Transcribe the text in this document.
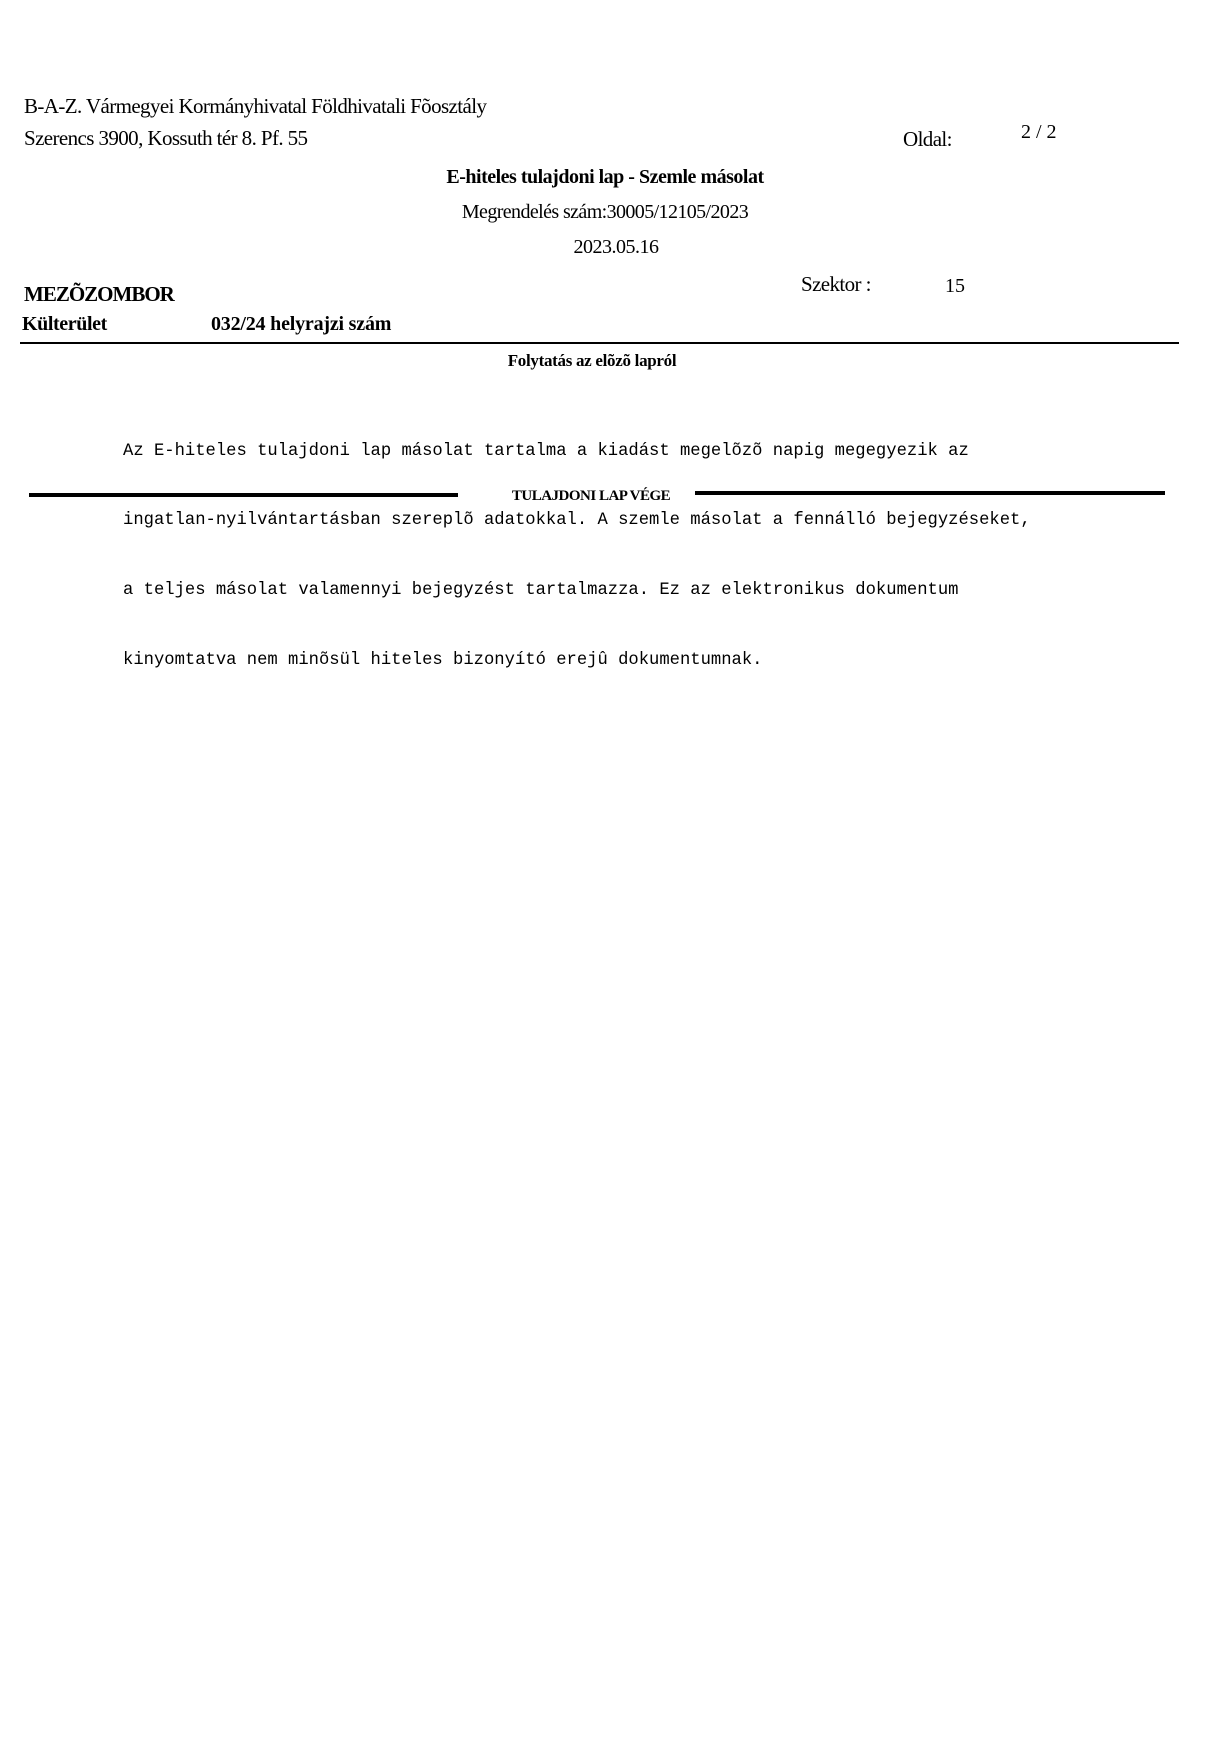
B-A-Z. Vármegyei Kormányhivatal Földhivatali Fõosztály
Szerencs 3900, Kossuth tér 8. Pf. 55	Oldal:	2 / 2
E-hiteles tulajdoni lap - Szemle másolat
Megrendelés szám:30005/12105/2023
2023.05.16
Szektor :	15
MEZÕZOMBOR
Külterület	032/24 helyrajzi szám
Folytatás az elõzõ lapról

Az E-hiteles tulajdoni lap másolat tartalma a kiadást megelõzõ napig megegyezik az

ingatlan-nyilvántartásban szereplõ adatokkal. A szemle másolat a fennálló bejegyzéseket,

a teljes másolat valamennyi bejegyzést tartalmazza. Ez az elektronikus dokumentum

kinyomtatva nem minõsül hiteles bizonyító erejû dokumentumnak.

TULAJDONI LAP VÉGE
